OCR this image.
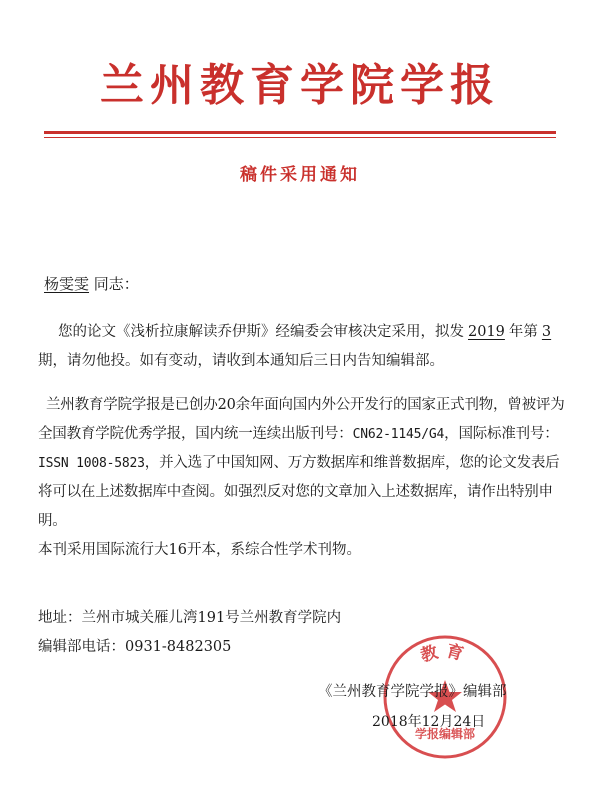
兰州教育学院学报
稿件采用通知
杨雯雯 同志：
您的论文《浅析拉康解读乔伊斯》经编委会审核决定采用，拟发 2019 年第 3期，请勿他投。如有变动，请收到本通知后三日内告知编辑部。
兰州教育学院学报是已创办20余年面向国内外公开发行的国家正式刊物，曾被评为全国教育学院优秀学报，国内统一连续出版刊号：CN62-1145/G4，国际标准刊号：ISSN 1008-5823，并入选了中国知网、万方数据库和维普数据库，您的论文发表后将可以在上述数据库中查阅。如强烈反对您的文章加入上述数据库，请作出特别申明。
本刊采用国际流行大16开本，系综合性学术刊物。
地址：兰州市城关雁儿湾191号兰州教育学院内
编辑部电话：0931-8482305	教育
学报编辑部
《兰州教育学院学报》编辑部
2018年12月24日
